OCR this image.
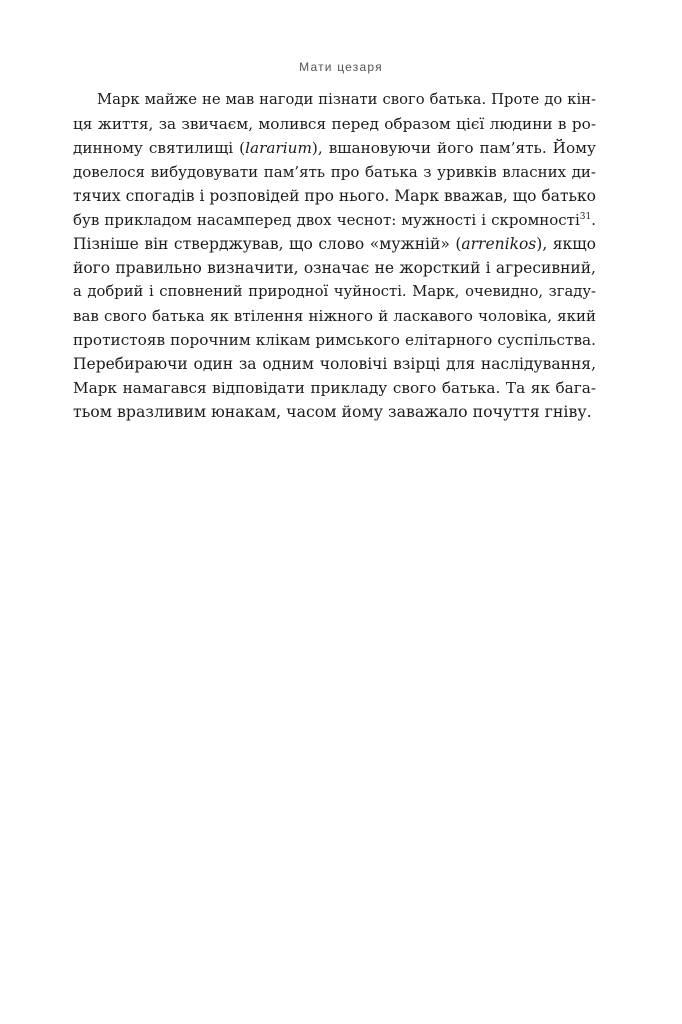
Мати цезаря
Марк майже не мав нагоди пізнати свого батька. Проте до кін-
ця життя, за звичаєм, молився перед образом цієї людини в ро-
динному святилищі (lararium), вшановуючи його пам’ять. Йому
довелося вибудовувати пам’ять про батька з уривків власних ди-
тячих спогадів і розповідей про нього. Марк вважав, що батько
був прикладом насамперед двох чеснот: мужності і скромності$^{31}$.
Пізніше він стверджував, що слово «мужній» (arrenikos), якщо
його правильно визначити, означає не жорсткий і агресивний,
а добрий і сповнений природної чуйності. Марк, очевидно, згаду-
вав свого батька як втілення ніжного й ласкавого чоловіка, який
протистояв порочним клікам римського елітарного суспільства.
Перебираючи один за одним чоловічі взірці для наслідування,
Марк намагався відповідати прикладу свого батька. Та як бага-
тьом вразливим юнакам, часом йому заважало почуття гніву.
